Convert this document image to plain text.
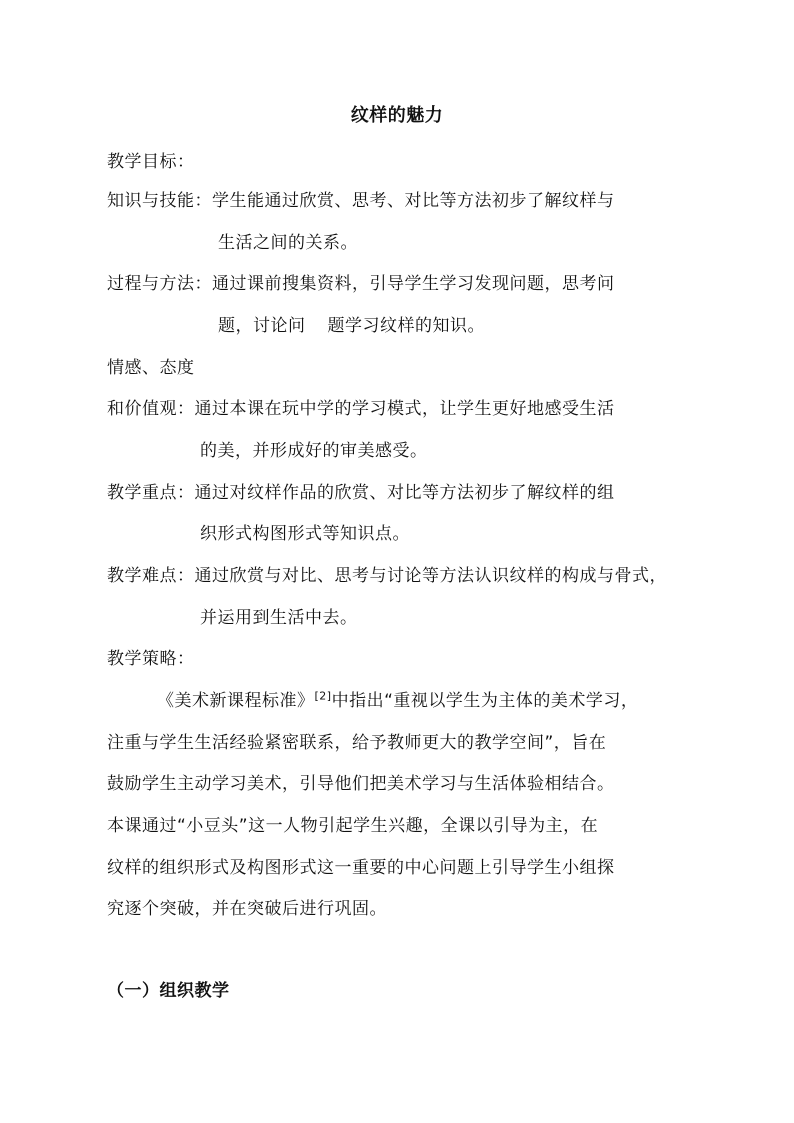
纹样的魅力
教学目标：
知识与技能：学生能通过欣赏、思考、对比等方法初步了解纹样与
生活之间的关系。
过程与方法：通过课前搜集资料，引导学生学习发现问题，思考问
题，讨论问 题学习纹样的知识。
情感、态度
和价值观：通过本课在玩中学的学习模式，让学生更好地感受生活
的美，并形成好的审美感受。
教学重点：通过对纹样作品的欣赏、对比等方法初步了解纹样的组
织形式构图形式等知识点。
教学难点：通过欣赏与对比、思考与讨论等方法认识纹样的构成与骨式，
并运用到生活中去。
教学策略：
《美术新课程标准》[2]中指出“重视以学生为主体的美术学习，
注重与学生生活经验紧密联系，给予教师更大的教学空间”，旨在
鼓励学生主动学习美术，引导他们把美术学习与生活体验相结合。
本课通过“小豆头”这一人物引起学生兴趣，全课以引导为主，在
纹样的组织形式及构图形式这一重要的中心问题上引导学生小组探
究逐个突破，并在突破后进行巩固。
（一）组织教学
